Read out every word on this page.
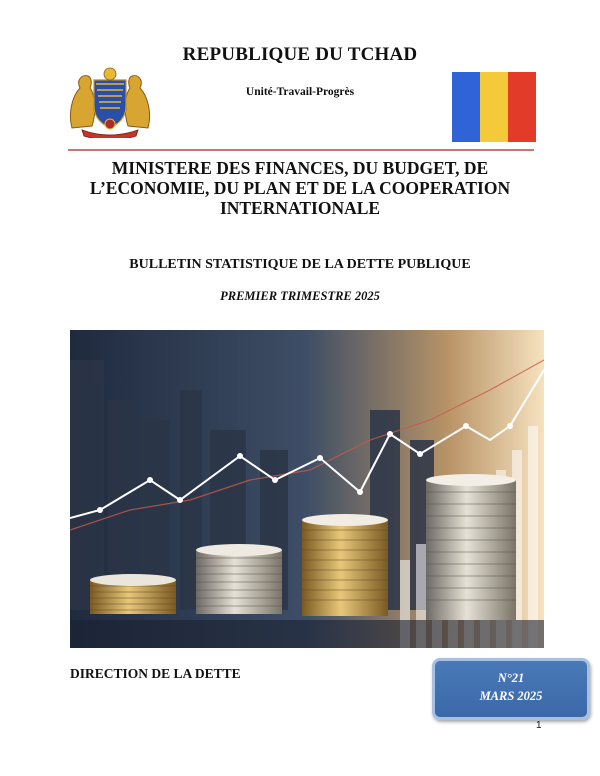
REPUBLIQUE DU TCHAD
Unité-Travail-Progrès
MINISTERE DES FINANCES, DU BUDGET, DE
L’ECONOMIE, DU PLAN ET DE LA COOPERATION
INTERNATIONALE
BULLETIN STATISTIQUE DE LA DETTE PUBLIQUE
PREMIER TRIMESTRE 2025
DIRECTION DE LA DETTE	N°21
MARS 2025
1
